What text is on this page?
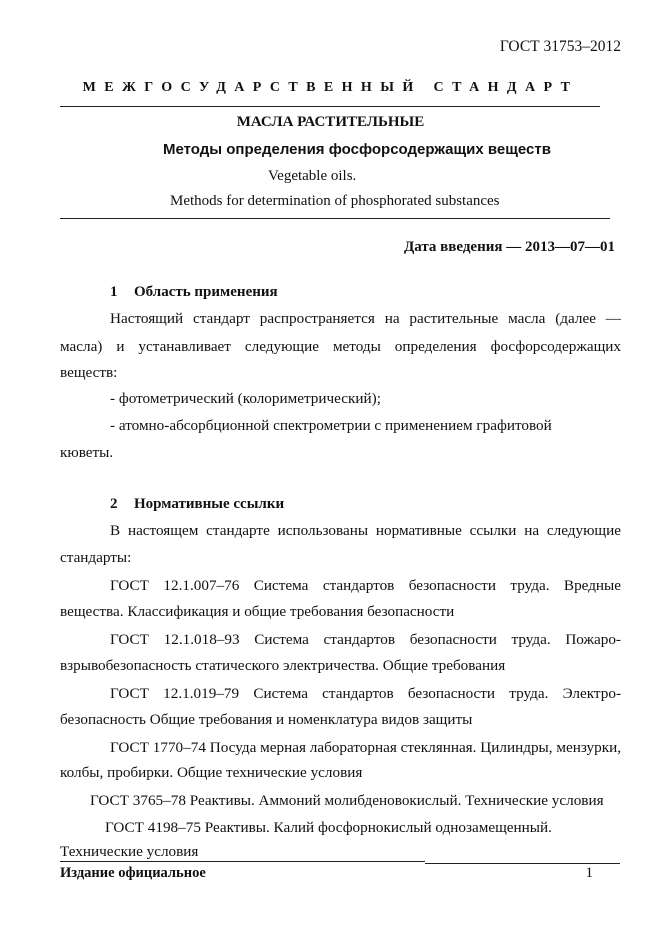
ГОСТ 31753–2012
МЕЖГОСУДАРСТВЕННЫЙ СТАНДАРТ
МАСЛА РАСТИТЕЛЬНЫЕ
Методы определения фосфорсодержащих веществ
Vegetable oils.
Methods for determination of phosphorated substances
Дата введения — 2013—07—01
1 Область применения
Настоящий стандарт распространяется на растительные масла (далее —
масла) и устанавливает следующие методы определения фосфорсодержащих
веществ:
- фотометрический (колориметрический);
- атомно-абсорбционной спектрометрии с применением графитовой
кюветы.
2 Нормативные ссылки
В настоящем стандарте использованы нормативные ссылки на следующие
стандарты:
ГОСТ 12.1.007–76 Система стандартов безопасности труда. Вредные
вещества. Классификация и общие требования безопасности
ГОСТ 12.1.018–93 Система стандартов безопасности труда. Пожаро-
взрывобезопасность статического электричества. Общие требования
ГОСТ 12.1.019–79 Система стандартов безопасности труда. Электро-
безопасность Общие требования и номенклатура видов защиты
ГОСТ 1770–74 Посуда мерная лабораторная стеклянная. Цилиндры, мензурки,
колбы, пробирки. Общие технические условия
ГОСТ 3765–78 Реактивы. Аммоний молибденовокислый. Технические условия
ГОСТ 4198–75 Реактивы. Калий фосфорнокислый однозамещенный.
Технические условия
Издание официальное	1
